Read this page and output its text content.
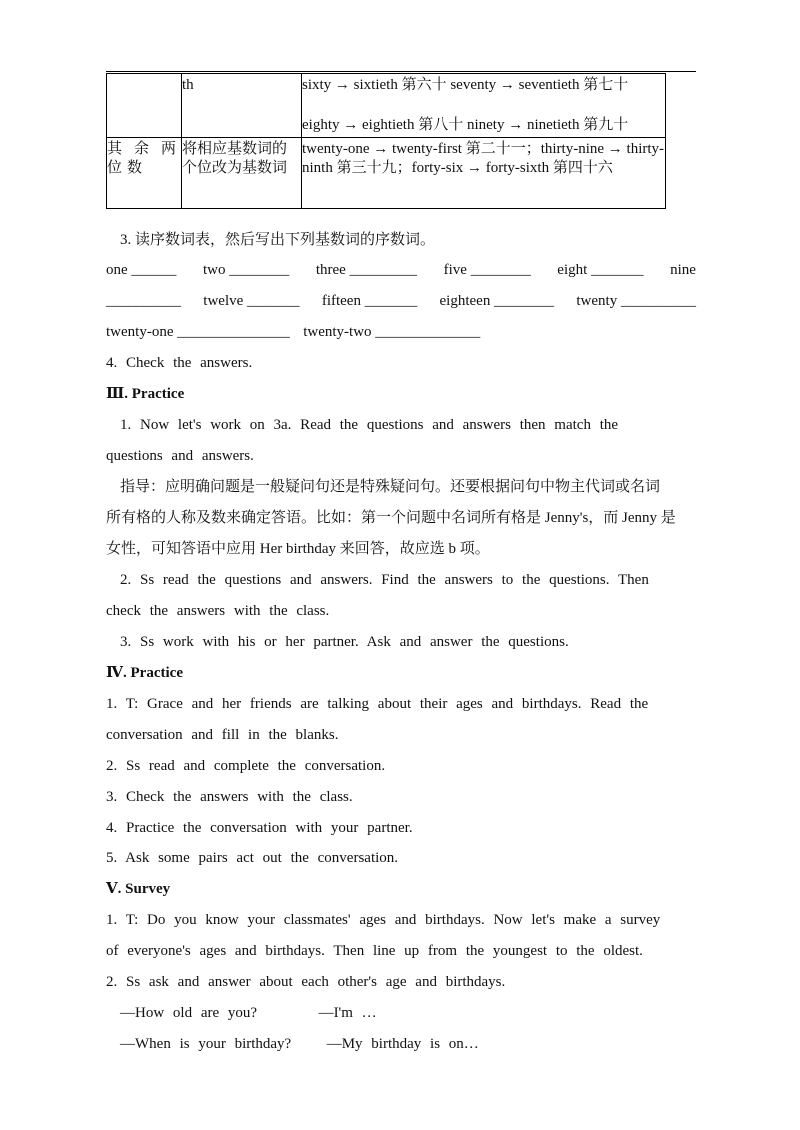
	th	sixty → sixtieth 第六十 seventy → seventieth 第七十
eighty → eightieth 第八十 ninety → ninetieth 第九十

其余两位数	将相应基数词的个位改为基数词	twenty-one → twenty-first 第二十一；thirty-nine → thirty-ninth 第三十九；forty-six → forty-sixth 第四十六
3. 读序数词表，然后写出下列基数词的序数词。
one ______ two ________ three _________ five ________ eight _______ nine
__________ twelve _______ fifteen _______ eighteen ________ twenty __________
twenty-one _______________ twenty-two ______________
4. Check the answers.
Ⅲ. Practice
1. Now let's work on 3a. Read the questions and answers then match the
questions and answers.
指导：应明确问题是一般疑问句还是特殊疑问句。还要根据问句中物主代词或名词
所有格的人称及数来确定答语。比如：第一个问题中名词所有格是 Jenny's，而 Jenny 是
女性，可知答语中应用 Her birthday 来回答，故应选 b 项。
2. Ss read the questions and answers. Find the answers to the questions. Then
check the answers with the class.
3. Ss work with his or her partner. Ask and answer the questions.
Ⅳ. Practice
1. T: Grace and her friends are talking about their ages and birthdays. Read the
conversation and fill in the blanks.
2. Ss read and complete the conversation.
3. Check the answers with the class.
4. Practice the conversation with your partner.
5. Ask some pairs act out the conversation.
Ⅴ. Survey
1. T: Do you know your classmates' ages and birthdays. Now let's make a survey
of everyone's ages and birthdays. Then line up from the youngest to the oldest.
2. Ss ask and answer about each other's age and birthdays.
—How old are you?	—I'm …
—When is your birthday? —My birthday is on…
